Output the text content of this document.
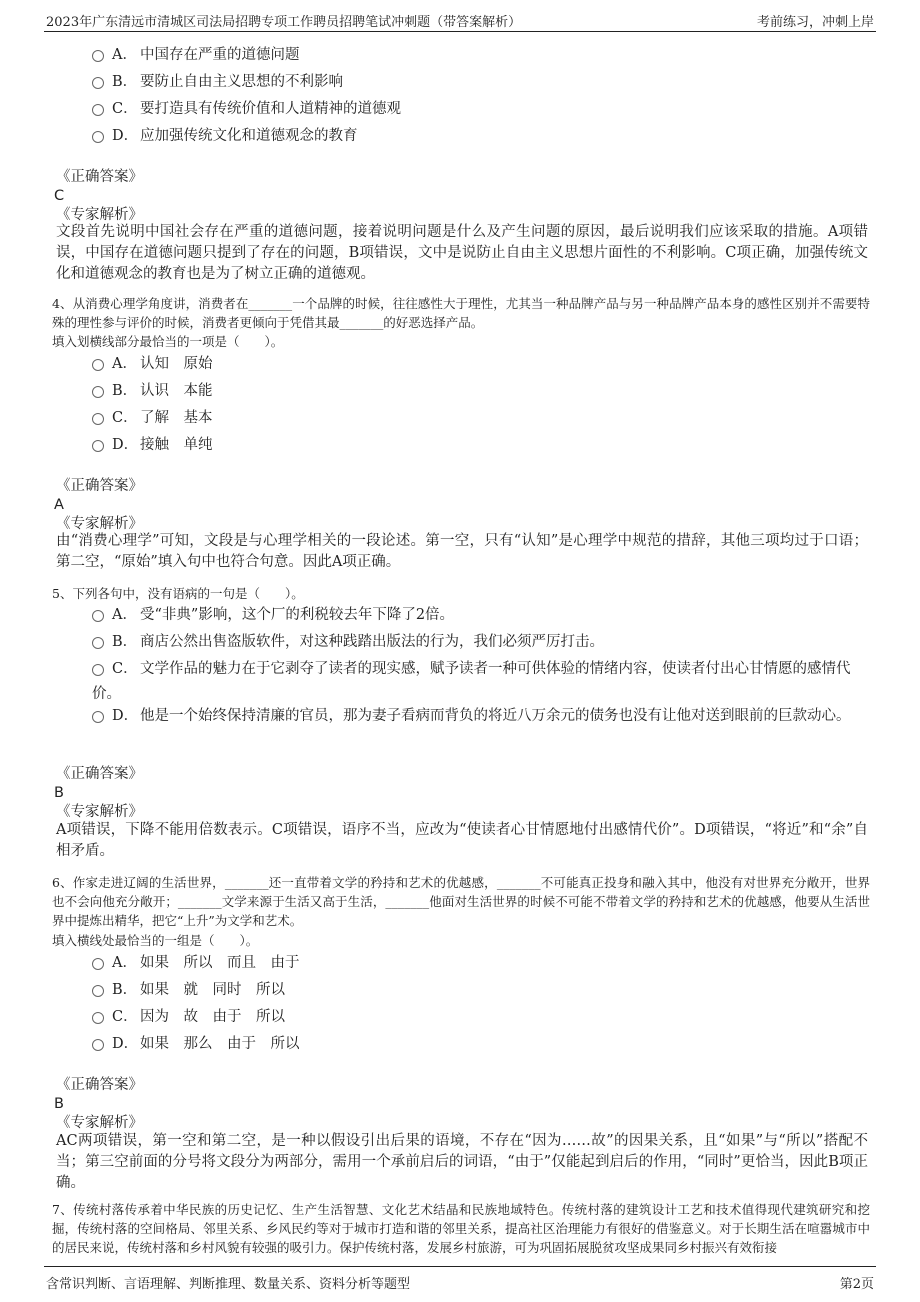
2023年广东清远市清城区司法局招聘专项工作聘员招聘笔试冲刺题（带答案解析）	考前练习，冲刺上岸
A． 中国存在严重的道德问题
B． 要防止自由主义思想的不利影响
C． 要打造具有传统价值和人道精神的道德观
D． 应加强传统文化和道德观念的教育
《正确答案》
C
《专家解析》
文段首先说明中国社会存在严重的道德问题，接着说明问题是什么及产生问题的原因，最后说明我们应该采取的措施。A项错误，中国存在道德问题只提到了存在的问题，B项错误，文中是说防止自由主义思想片面性的不利影响。C项正确，加强传统文化和道德观念的教育也是为了树立正确的道德观。
4、从消费心理学角度讲，消费者在_______一个品牌的时候，往往感性大于理性，尤其当一种品牌产品与另一种品牌产品本身的感性区别并不需要特殊的理性参与评价的时候，消费者更倾向于凭借其最_______的好恶选择产品。
填入划横线部分最恰当的一项是（　　）。
A． 认知　原始
B． 认识　本能
C． 了解　基本
D． 接触　单纯
《正确答案》
A
《专家解析》
由“消费心理学”可知，文段是与心理学相关的一段论述。第一空，只有“认知”是心理学中规范的措辞，其他三项均过于口语；第二空，“原始”填入句中也符合句意。因此A项正确。
5、下列各句中，没有语病的一句是（　　）。
A． 受“非典”影响，这个厂的利税较去年下降了2倍。
B． 商店公然出售盗版软件，对这种践踏出版法的行为，我们必须严厉打击。
C． 文学作品的魅力在于它剥夺了读者的现实感，赋予读者一种可供体验的情绪内容，使读者付出心甘情愿的感情代价。
D． 他是一个始终保持清廉的官员，那为妻子看病而背负的将近八万余元的债务也没有让他对送到眼前的巨款动心。
《正确答案》
B
《专家解析》
A项错误，下降不能用倍数表示。C项错误，语序不当，应改为“使读者心甘情愿地付出感情代价”。D项错误，“将近”和“余”自相矛盾。
6、作家走进辽阔的生活世界，_______还一直带着文学的矜持和艺术的优越感，_______不可能真正投身和融入其中，他没有对世界充分敞开，世界也不会向他充分敞开；_______文学来源于生活又高于生活，_______他面对生活世界的时候不可能不带着文学的矜持和艺术的优越感，他要从生活世界中提炼出精华，把它“上升”为文学和艺术。
填入横线处最恰当的一组是（　　）。
A． 如果　所以　而且　由于
B． 如果　就　同时　所以
C． 因为　故　由于　所以
D． 如果　那么　由于　所以
《正确答案》
B
《专家解析》
AC两项错误，第一空和第二空，是一种以假设引出后果的语境，不存在“因为……故”的因果关系，且“如果”与“所以”搭配不当；第三空前面的分号将文段分为两部分，需用一个承前启后的词语，“由于”仅能起到启后的作用，“同时”更恰当，因此B项正确。
7、传统村落传承着中华民族的历史记忆、生产生活智慧、文化艺术结晶和民族地域特色。传统村落的建筑设计工艺和技术值得现代建筑研究和挖掘，传统村落的空间格局、邻里关系、乡风民约等对于城市打造和谐的邻里关系，提高社区治理能力有很好的借鉴意义。对于长期生活在喧嚣城市中的居民来说，传统村落和乡村风貌有较强的吸引力。保护传统村落，发展乡村旅游，可为巩固拓展脱贫攻坚成果同乡村振兴有效衔接
含常识判断、言语理解、判断推理、数量关系、资料分析等题型	第2页
